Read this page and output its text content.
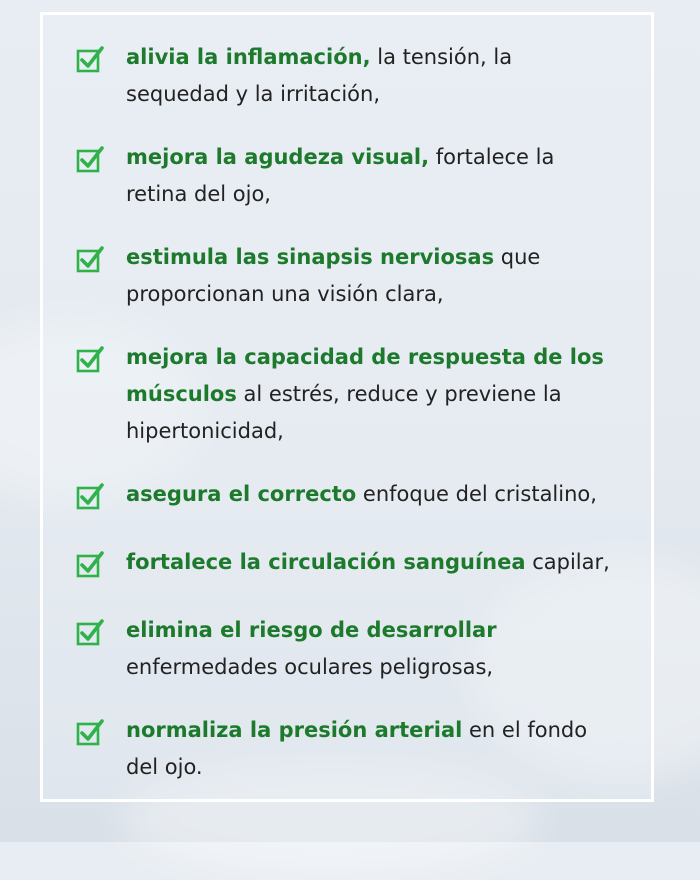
alivia la inflamación, la tensión, la sequedad y la irritación,
mejora la agudeza visual, fortalece la retina del ojo,
estimula las sinapsis nerviosas que proporcionan una visión clara,
mejora la capacidad de respuesta de los músculos al estrés, reduce y previene la hipertonicidad,
asegura el correcto enfoque del cristalino,
fortalece la circulación sanguínea capilar,
elimina el riesgo de desarrollar enfermedades oculares peligrosas,
normaliza la presión arterial en el fondo del ojo.
